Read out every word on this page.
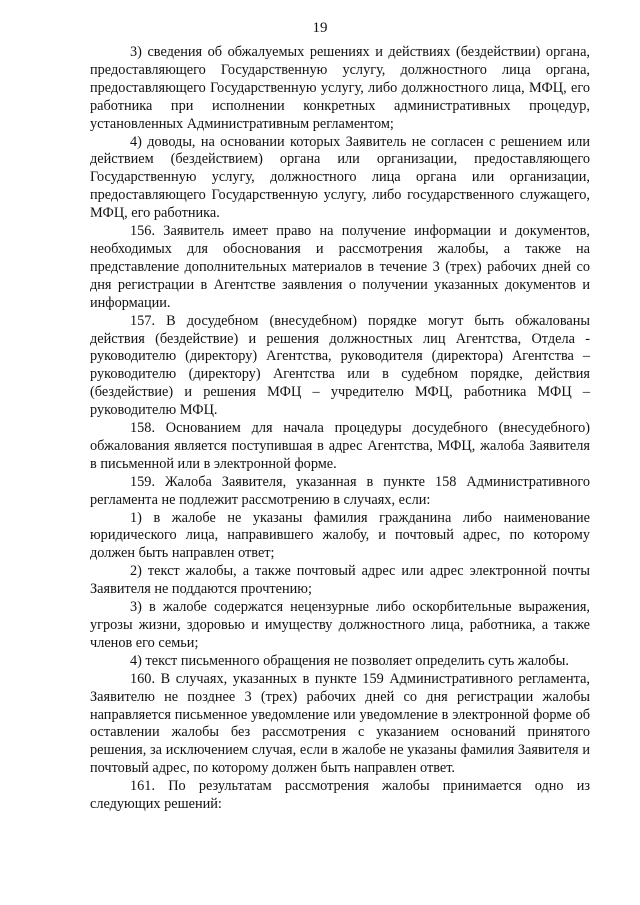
19

3) сведения об обжалуемых решениях и действиях (бездействии) органа, предоставляющего Государственную услугу, должностного лица органа, предоставляющего Государственную услугу, либо должностного лица, МФЦ, его работника при исполнении конкретных административных процедур, установленных Административным регламентом;

4) доводы, на основании которых Заявитель не согласен с решением или действием (бездействием) органа или организации, предоставляющего Государственную услугу, должностного лица органа или организации, предоставляющего Государственную услугу, либо государственного служащего, МФЦ, его работника.

156. Заявитель имеет право на получение информации и документов, необходимых для обоснования и рассмотрения жалобы, а также на представление дополнительных материалов в течение 3 (трех) рабочих дней со дня регистрации в Агентстве заявления о получении указанных документов и информации.

157. В досудебном (внесудебном) порядке могут быть обжалованы действия (бездействие) и решения должностных лиц Агентства, Отдела - руководителю (директору) Агентства, руководителя (директора) Агентства – руководителю (директору) Агентства или в судебном порядке, действия (бездействие) и решения МФЦ – учредителю МФЦ, работника МФЦ – руководителю МФЦ.

158. Основанием для начала процедуры досудебного (внесудебного) обжалования является поступившая в адрес Агентства, МФЦ, жалоба Заявителя в письменной или в электронной форме.

159. Жалоба Заявителя, указанная в пункте 158 Административного регламента не подлежит рассмотрению в случаях, если:

1) в жалобе не указаны фамилия гражданина либо наименование юридического лица, направившего жалобу, и почтовый адрес, по которому должен быть направлен ответ;

2) текст жалобы, а также почтовый адрес или адрес электронной почты Заявителя не поддаются прочтению;

3) в жалобе содержатся нецензурные либо оскорбительные выражения, угрозы жизни, здоровью и имуществу должностного лица, работника, а также членов его семьи;

4) текст письменного обращения не позволяет определить суть жалобы.

160. В случаях, указанных в пункте 159 Административного регламента, Заявителю не позднее 3 (трех) рабочих дней со дня регистрации жалобы направляется письменное уведомление или уведомление в электронной форме об оставлении жалобы без рассмотрения с указанием оснований принятого решения, за исключением случая, если в жалобе не указаны фамилия Заявителя и почтовый адрес, по которому должен быть направлен ответ.

161. По результатам рассмотрения жалобы принимается одно из следующих решений:
